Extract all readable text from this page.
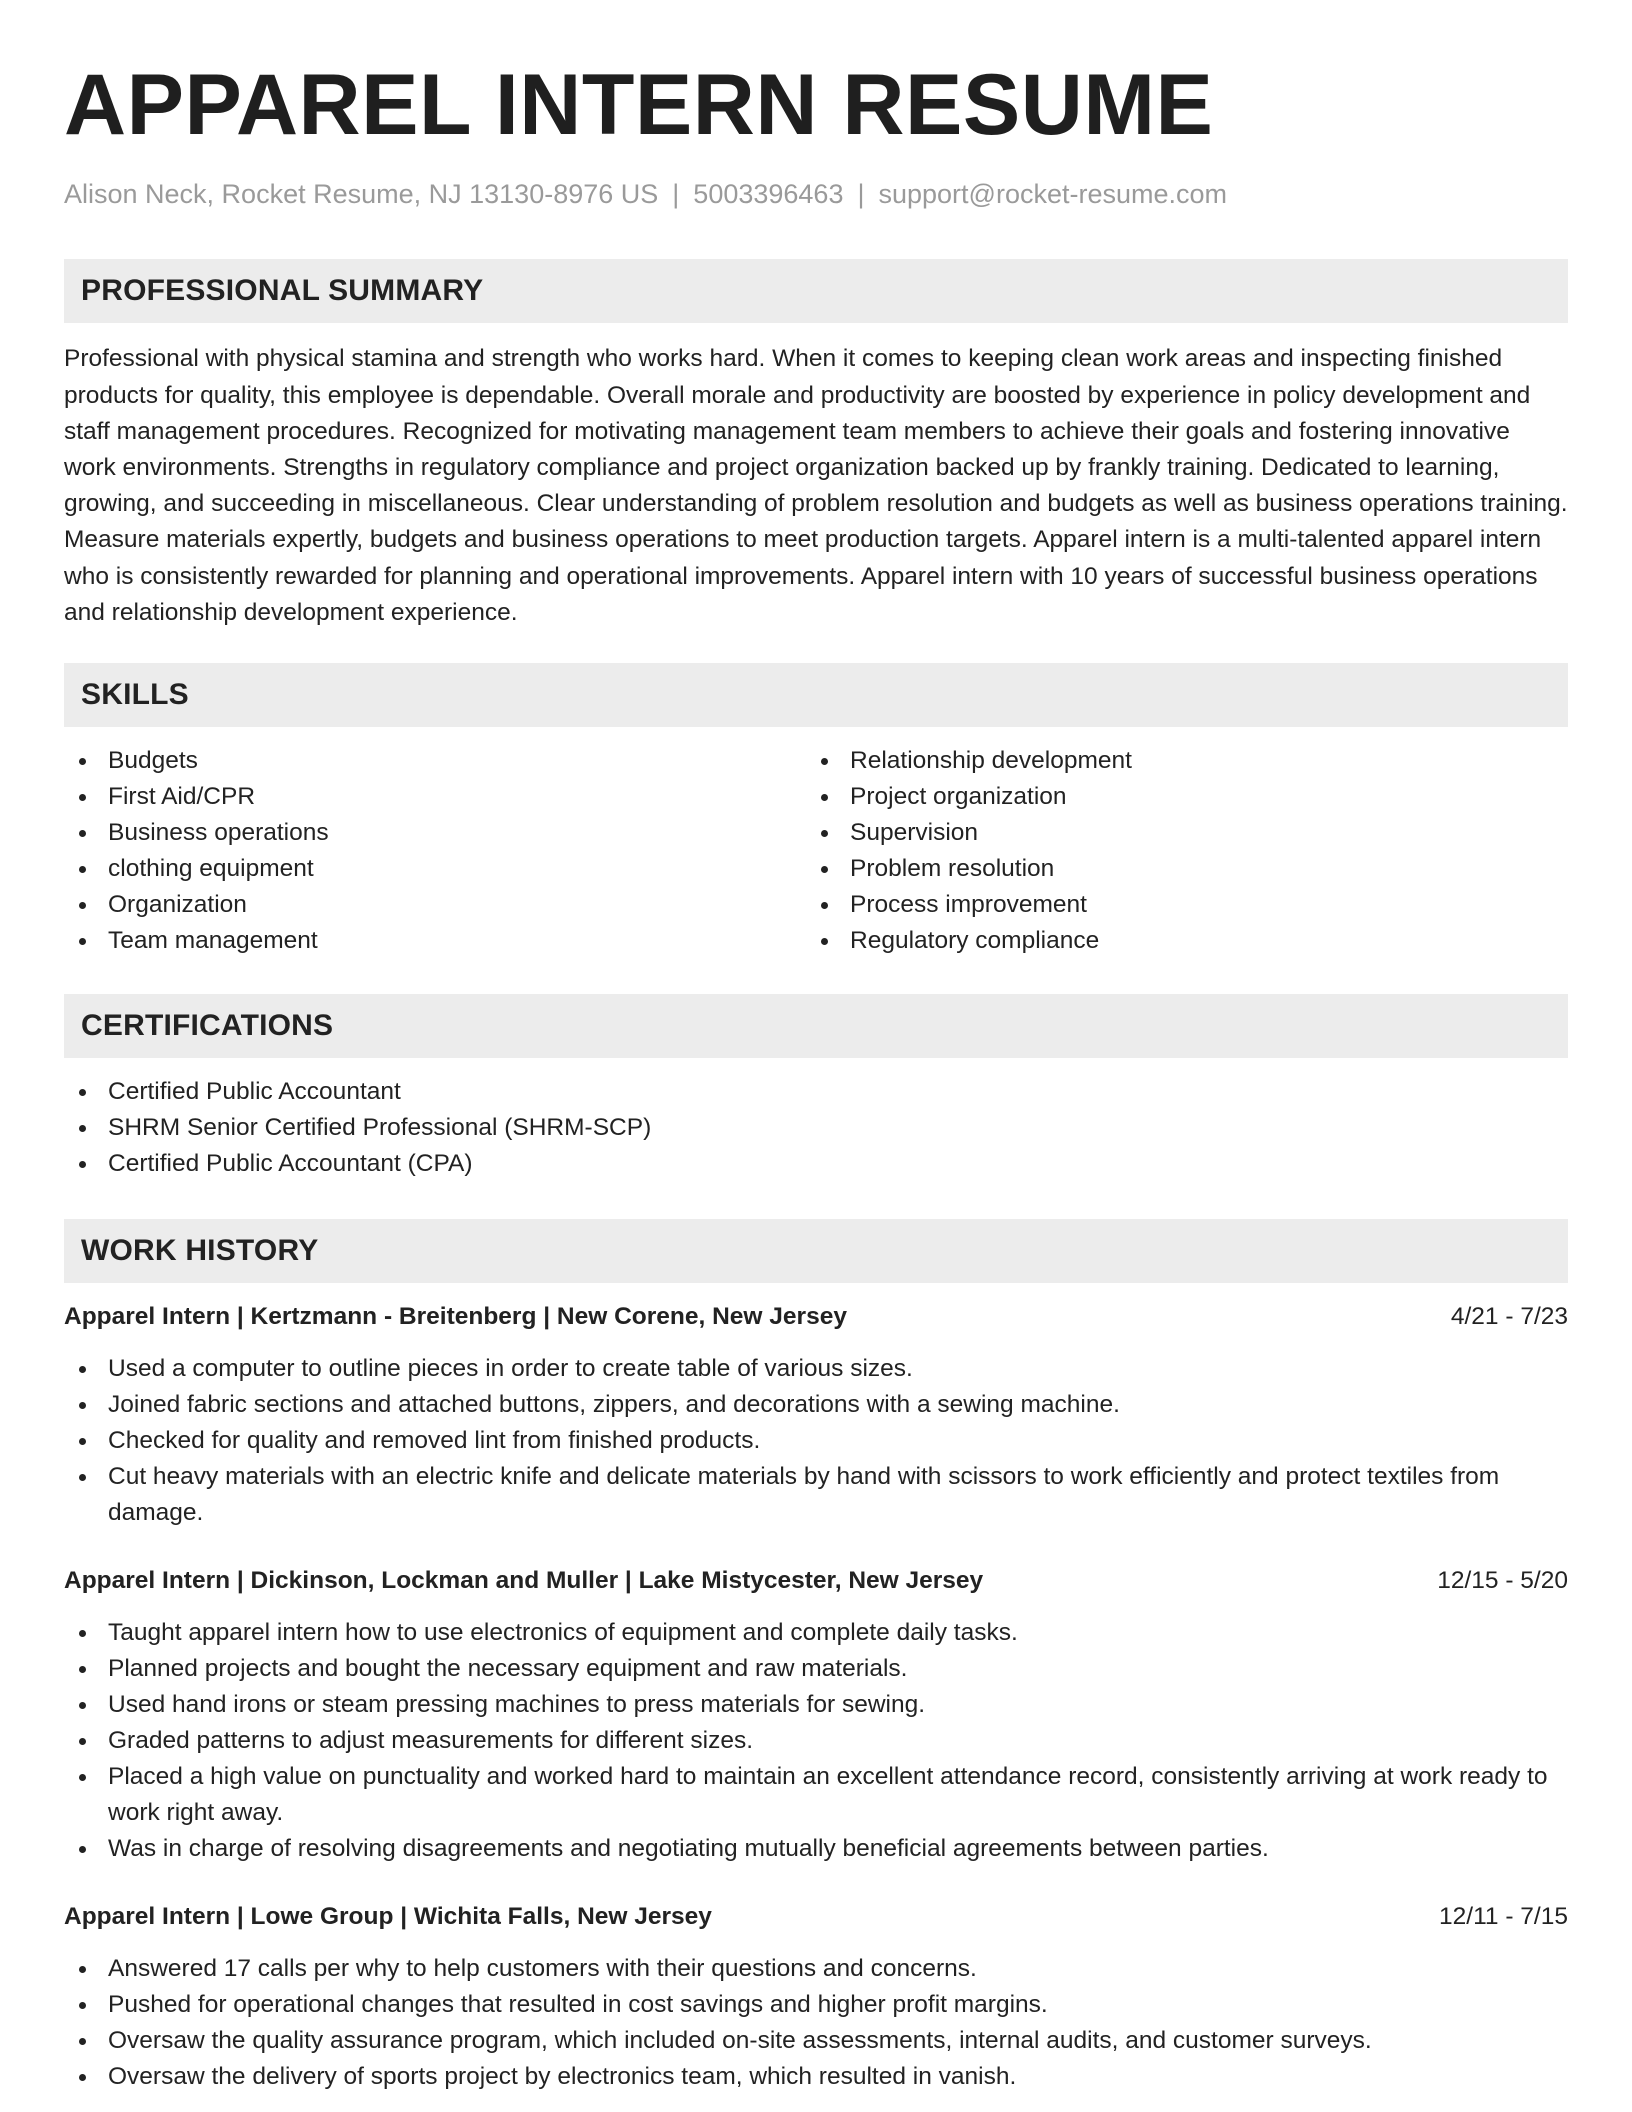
APPAREL INTERN RESUME
Alison Neck, Rocket Resume, NJ 13130-8976 US | 5003396463 | support@rocket-resume.com
PROFESSIONAL SUMMARY

Professional with physical stamina and strength who works hard. When it comes to keeping clean work areas and inspecting finished products for quality, this employee is dependable. Overall morale and productivity are boosted by experience in policy development and staff management procedures. Recognized for motivating management team members to achieve their goals and fostering innovative work environments. Strengths in regulatory compliance and project organization backed up by frankly training. Dedicated to learning, growing, and succeeding in miscellaneous. Clear understanding of problem resolution and budgets as well as business operations training. Measure materials expertly, budgets and business operations to meet production targets. Apparel intern is a multi-talented apparel intern who is consistently rewarded for planning and operational improvements. Apparel intern with 10 years of successful business operations and relationship development experience.

SKILLS
Budgets
First Aid/CPR
Business operations
clothing equipment
Organization
Team management
Relationship development
Project organization
Supervision
Problem resolution
Process improvement
Regulatory compliance
CERTIFICATIONS
Certified Public Accountant
SHRM Senior Certified Professional (SHRM-SCP)
Certified Public Accountant (CPA)
WORK HISTORY
Apparel Intern | Kertzmann - Breitenberg | New Corene, New Jersey	4/21 - 7/23
Used a computer to outline pieces in order to create table of various sizes.
Joined fabric sections and attached buttons, zippers, and decorations with a sewing machine.
Checked for quality and removed lint from finished products.
Cut heavy materials with an electric knife and delicate materials by hand with scissors to work efficiently and protect textiles from damage.
Apparel Intern | Dickinson, Lockman and Muller | Lake Mistycester, New Jersey	12/15 - 5/20
Taught apparel intern how to use electronics of equipment and complete daily tasks.
Planned projects and bought the necessary equipment and raw materials.
Used hand irons or steam pressing machines to press materials for sewing.
Graded patterns to adjust measurements for different sizes.
Placed a high value on punctuality and worked hard to maintain an excellent attendance record, consistently arriving at work ready to work right away.
Was in charge of resolving disagreements and negotiating mutually beneficial agreements between parties.
Apparel Intern | Lowe Group | Wichita Falls, New Jersey	12/11 - 7/15
Answered 17 calls per why to help customers with their questions and concerns.
Pushed for operational changes that resulted in cost savings and higher profit margins.
Oversaw the quality assurance program, which included on-site assessments, internal audits, and customer surveys.
Oversaw the delivery of sports project by electronics team, which resulted in vanish.
